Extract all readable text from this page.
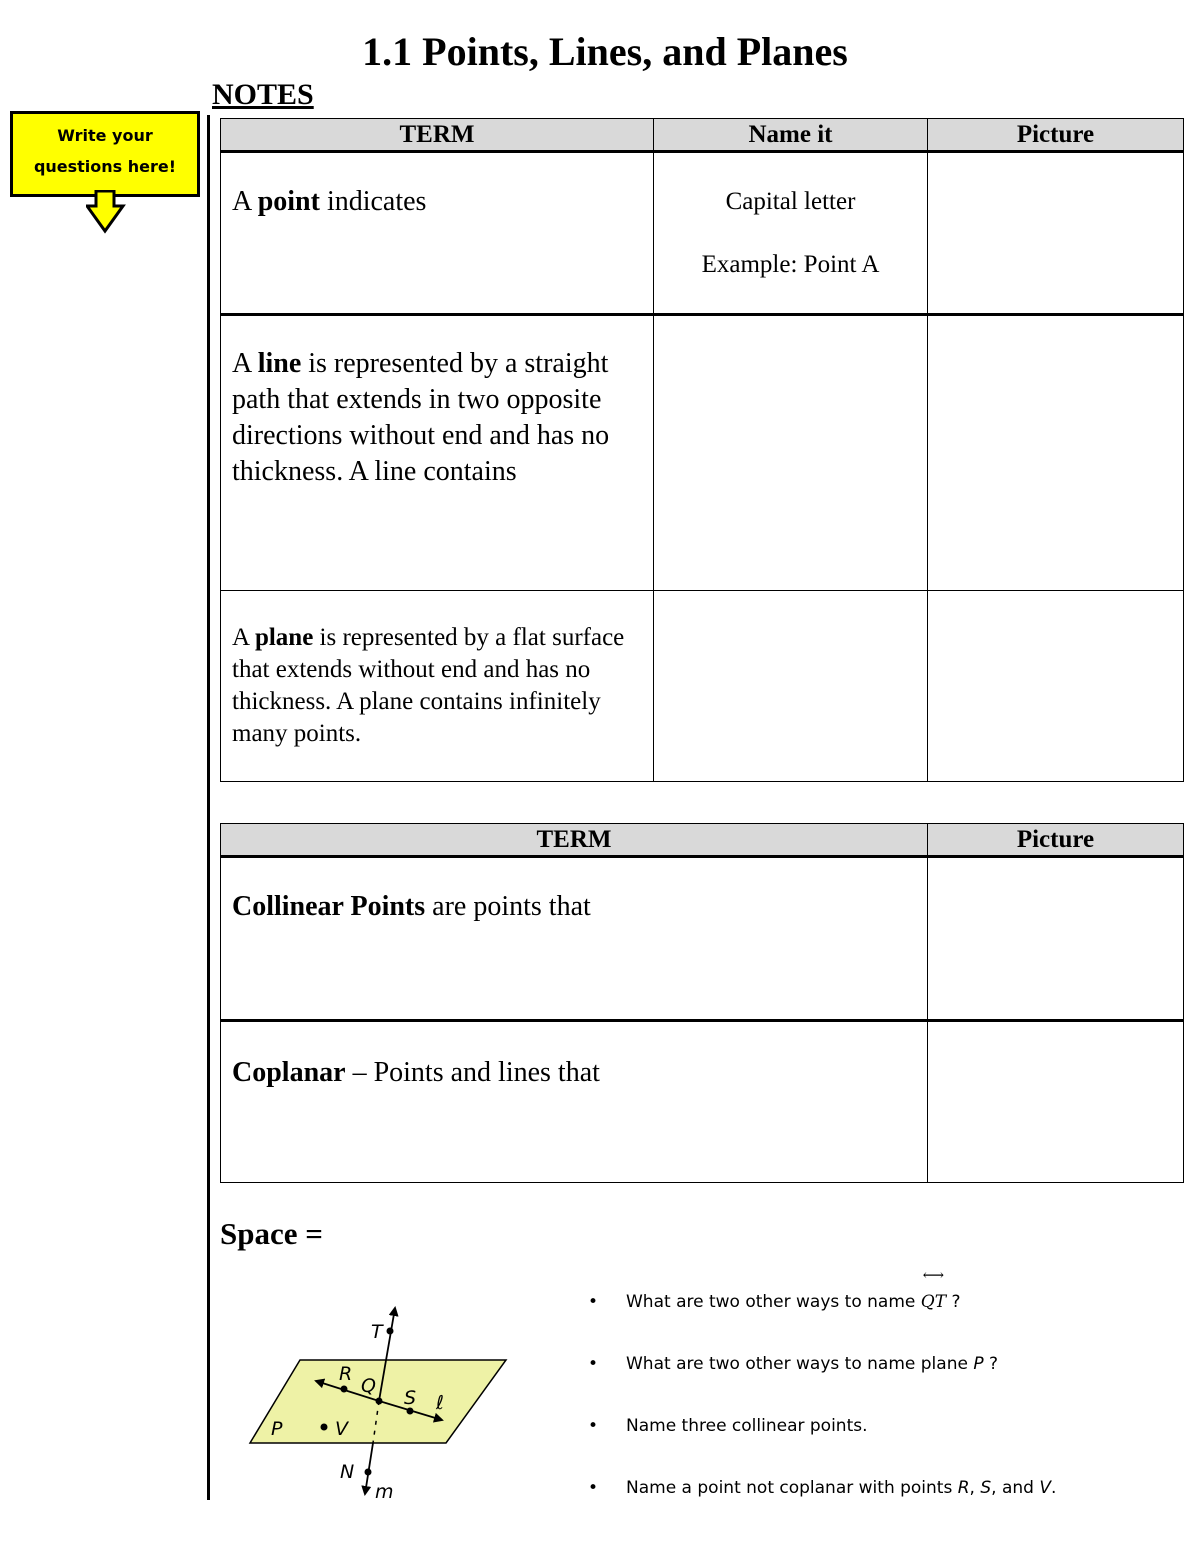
1.1 Points, Lines, and Planes
NOTES
Write your
questions here!
TERM	Name it	Picture

A point indicates	Capital letter
Example: Point A	

A line is represented by a straight path that extends in two opposite directions without end and has no thickness. A line contains		

A plane is represented by a flat surface that extends without end and has no thickness. A plane contains infinitely many points.		

TERM	Picture

Collinear Points are points that	

Coplanar – Points and lines that	

Space =
T
R
Q
S ℓ
P	V
N
m
• What are two other ways to name ⟷ QT ?
• What are two other ways to name plane P ?
• Name three collinear points.
• Name a point not coplanar with points R, S, and V.
